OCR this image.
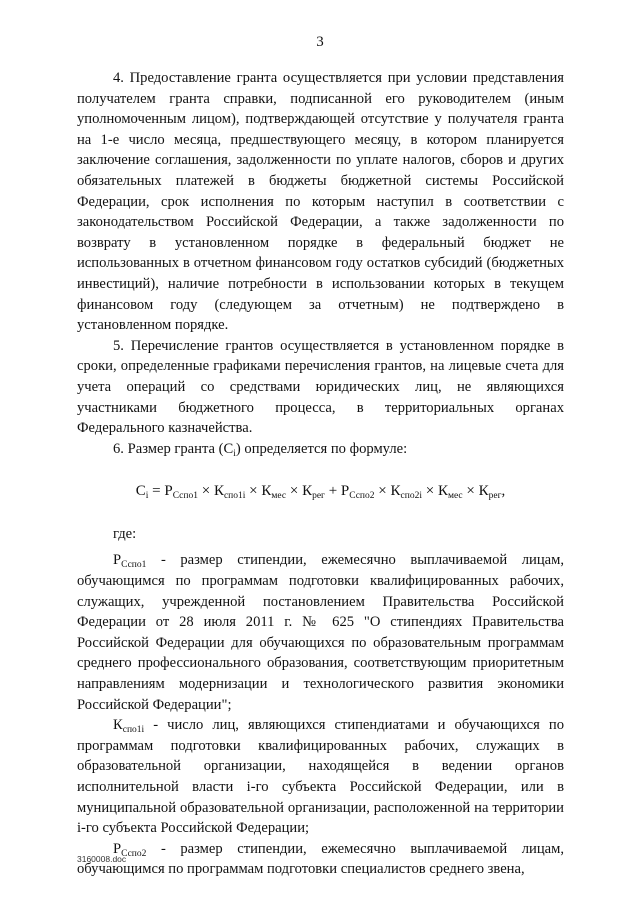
3

4. Предоставление гранта осуществляется при условии представления получателем гранта справки, подписанной его руководителем (иным уполномоченным лицом), подтверждающей отсутствие у получателя гранта на 1-е число месяца, предшествующего месяцу, в котором планируется заключение соглашения, задолженности по уплате налогов, сборов и других обязательных платежей в бюджеты бюджетной системы Российской Федерации, срок исполнения по которым наступил в соответствии с законодательством Российской Федерации, а также задолженности по возврату в установленном порядке в федеральный бюджет не использованных в отчетном финансовом году остатков субсидий (бюджетных инвестиций), наличие потребности в использовании которых в текущем финансовом году (следующем за отчетным) не подтверждено в установленном порядке.

5. Перечисление грантов осуществляется в установленном порядке в сроки, определенные графиками перечисления грантов, на лицевые счета для учета операций со средствами юридических лиц, не являющихся участниками бюджетного процесса, в территориальных органах Федерального казначейства.

6. Размер гранта $(С_i)$ определяется по формуле:

$С_i = Р_{Сспо1} \times К_{спо1i} \times К_{мес} \times К_{рег} + Р_{Сспо2} \times К_{спо2i} \times К_{мес} \times К_{рег}$,

где:

$Р_{Сспо1}$ - размер стипендии, ежемесячно выплачиваемой лицам, обучающимся по программам подготовки квалифицированных рабочих, служащих, учрежденной постановлением Правительства Российской Федерации от 28 июля 2011 г. № 625 "О стипендиях Правительства Российской Федерации для обучающихся по образовательным программам среднего профессионального образования, соответствующим приоритетным направлениям модернизации и технологического развития экономики Российской Федерации";

$К_{спо1i}$ - число лиц, являющихся стипендиатами и обучающихся по программам подготовки квалифицированных рабочих, служащих в образовательной организации, находящейся в ведении органов исполнительной власти i-го субъекта Российской Федерации, или в муниципальной образовательной организации, расположенной на территории i-го субъекта Российской Федерации;

$Р_{Сспо2}$ - размер стипендии, ежемесячно выплачиваемой лицам, обучающимся по программам подготовки специалистов среднего звена,

3160008.doc
